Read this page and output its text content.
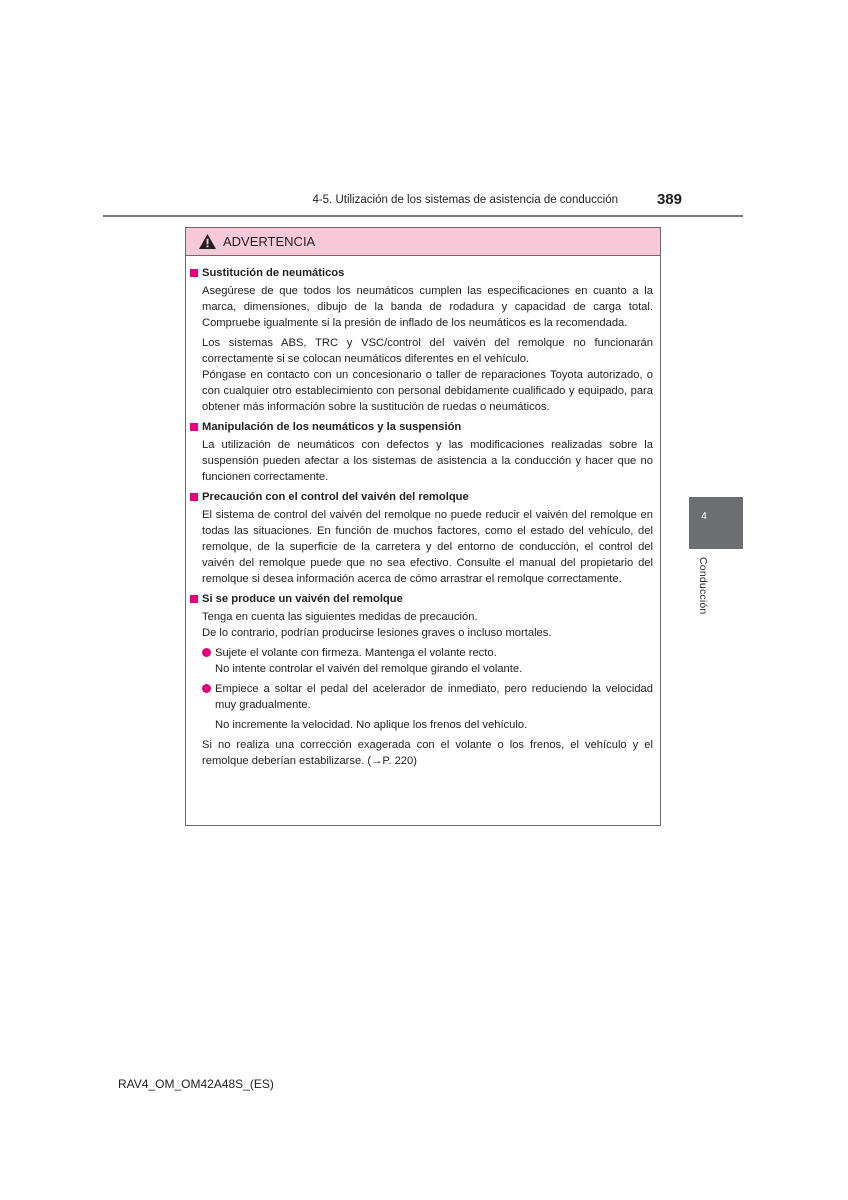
4-5. Utilización de los sistemas de asistencia de conducción	389
4
Conducción
ADVERTENCIA
Sustitución de neumáticos

Asegúrese de que todos los neumáticos cumplen las especificaciones en cuanto a la marca, dimensiones, dibujo de la banda de rodadura y capacidad de carga total. Compruebe igualmente si la presión de inflado de los neumáticos es la recomendada.

Los sistemas ABS, TRC y VSC/control del vaivén del remolque no funcionarán correctamente si se colocan neumáticos diferentes en el vehículo.

Póngase en contacto con un concesionario o taller de reparaciones Toyota autorizado, o con cualquier otro establecimiento con personal debidamente cualificado y equipado, para obtener más información sobre la sustitución de ruedas o neumáticos.

Manipulación de los neumáticos y la suspensión

La utilización de neumáticos con defectos y las modificaciones realizadas sobre la suspensión pueden afectar a los sistemas de asistencia a la conducción y hacer que no funcionen correctamente.

Precaución con el control del vaivén del remolque

El sistema de control del vaivén del remolque no puede reducir el vaivén del remolque en todas las situaciones. En función de muchos factores, como el estado del vehículo, del remolque, de la superficie de la carretera y del entorno de conducción, el control del vaivén del remolque puede que no sea efectivo. Consulte el manual del propietario del remolque si desea información acerca de cómo arrastrar el remolque correctamente.

Si se produce un vaivén del remolque

Tenga en cuenta las siguientes medidas de precaución.

De lo contrario, podrían producirse lesiones graves o incluso mortales.

Sujete el volante con firmeza. Mantenga el volante recto.

No intente controlar el vaivén del remolque girando el volante.

Empiece a soltar el pedal del acelerador de inmediato, pero reduciendo la velocidad muy gradualmente.

No incremente la velocidad. No aplique los frenos del vehículo.

Si no realiza una corrección exagerada con el volante o los frenos, el vehículo y el remolque deberían estabilizarse. (→P. 220)

RAV4_OM_OM42A48S_(ES)
